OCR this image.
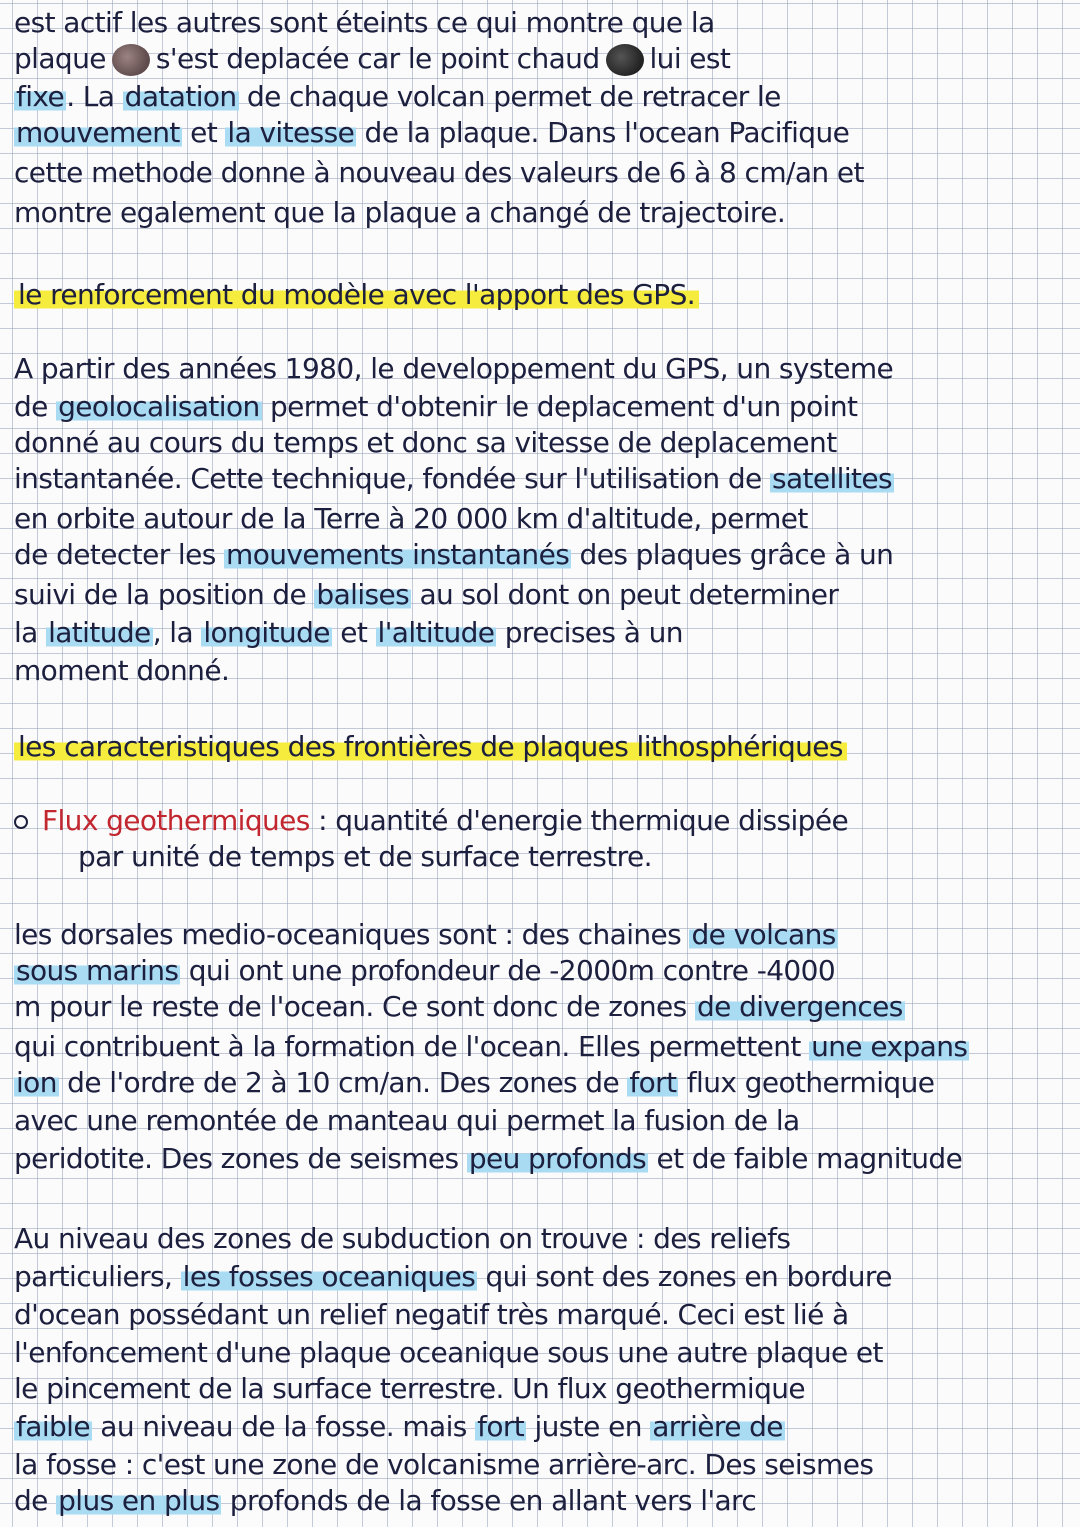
est actif les autres sont éteints ce qui montre que la
plaque s'est deplacée car le point chaud lui est
fixe. La datation de chaque volcan permet de retracer le
mouvement et la vitesse de la plaque. Dans l'ocean Pacifique
cette methode donne à nouveau des valeurs de 6 à 8 cm/an et
montre egalement que la plaque a changé de trajectoire.
le renforcement du modèle avec l'apport des GPS.
A partir des années 1980, le developpement du GPS, un systeme
de geolocalisation permet d'obtenir le deplacement d'un point
donné au cours du temps et donc sa vitesse de deplacement
instantanée. Cette technique, fondée sur l'utilisation de satellites
en orbite autour de la Terre à 20 000 km d'altitude, permet
de detecter les mouvements instantanés des plaques grâce à un
suivi de la position de balises au sol dont on peut determiner
la latitude, la longitude et l'altitude precises à un
moment donné.
les caracteristiques des frontières de plaques lithosphériques
Flux geothermiques : quantité d'energie thermique dissipée
par unité de temps et de surface terrestre.
les dorsales medio-oceaniques sont : des chaines de volcans
sous marins qui ont une profondeur de -2000m contre -4000
m pour le reste de l'ocean. Ce sont donc de zones de divergences
qui contribuent à la formation de l'ocean. Elles permettent une expans
ion de l'ordre de 2 à 10 cm/an. Des zones de fort flux geothermique
avec une remontée de manteau qui permet la fusion de la
peridotite. Des zones de seismes peu profonds et de faible magnitude
Au niveau des zones de subduction on trouve : des reliefs
particuliers, les fosses oceaniques qui sont des zones en bordure
d'ocean possédant un relief negatif très marqué. Ceci est lié à
l'enfoncement d'une plaque oceanique sous une autre plaque et
le pincement de la surface terrestre. Un flux geothermique
faible au niveau de la fosse. mais fort juste en arrière de
la fosse : c'est une zone de volcanisme arrière-arc. Des seismes
de plus en plus profonds de la fosse en allant vers l'arc
